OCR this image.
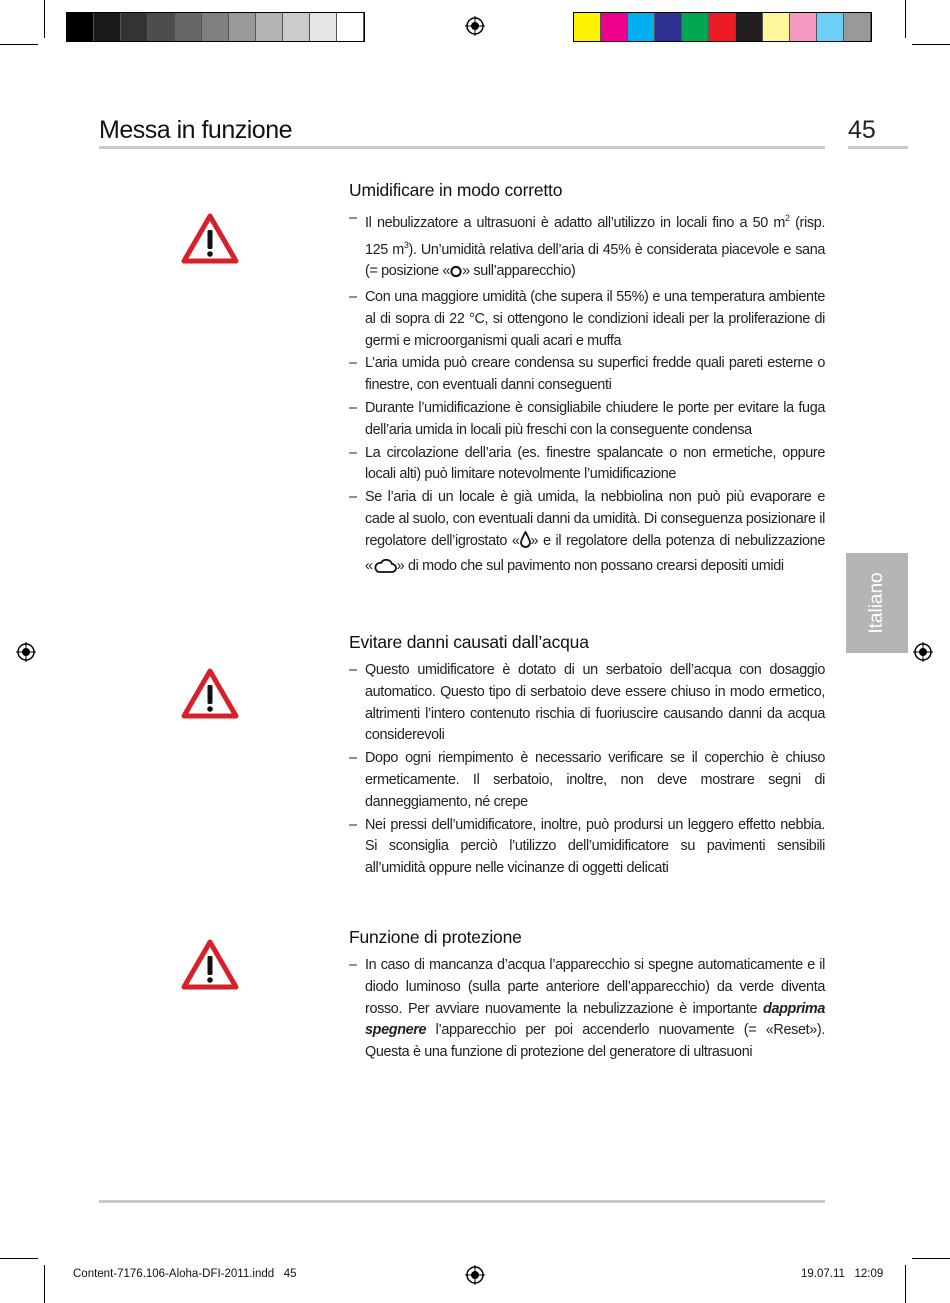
Messa in funzione	45
Italiano
Umidificare in modo corretto
– Il nebulizzatore a ultrasuoni è adatto all’utilizzo in locali fino a 50 $m^2$ (risp. 125 $m^3$). Un’umidità relativa dell’aria di 45% è considerata piacevole e sana (= posizione « » sull’apparecchio)
– Con una maggiore umidità (che supera il 55%) e una temperatura ambiente al di sopra di 22 °C, si ottengono le condizioni ideali per la proliferazione di germi e microorganismi quali acari e muffa
– L’aria umida può creare condensa su superfici fredde quali pareti esterne o finestre, con eventuali danni conseguenti
– Durante l’umidificazione è consigliabile chiudere le porte per evitare la fuga dell’aria umida in locali più freschi con la conseguente condensa
– La circolazione dell’aria (es. finestre spalancate o non ermetiche, oppure locali alti) può limitare notevolmente l’umidificazione
– Se l’aria di un locale è già umida, la nebbiolina non può più evaporare e cade al suolo, con eventuali danni da umidità. Di conseguenza posizionare il regolatore dell’igrostato « » e il regolatore della potenza di nebulizzazione « » di modo che sul pavimento non possano crearsi depositi umidi
Evitare danni causati dall’acqua
– Questo umidificatore è dotato di un serbatoio dell’acqua con dosaggio automatico. Questo tipo di serbatoio deve essere chiuso in modo ermetico, altrimenti l’intero contenuto rischia di fuoriuscire causando danni da acqua considerevoli
– Dopo ogni riempimento è necessario verificare se il coperchio è chiuso ermeticamente. Il serbatoio, inoltre, non deve mostrare segni di danneggiamento, né crepe
– Nei pressi dell’umidificatore, inoltre, può prodursi un leggero effetto nebbia. Si sconsiglia perciò l’utilizzo dell’umidificatore su pavimenti sensibili all’umidità oppure nelle vicinanze di oggetti delicati
Funzione di protezione
– In caso di mancanza d’acqua l’apparecchio si spegne automaticamente e il diodo luminoso (sulla parte anteriore dell’apparecchio) da verde diventa rosso. Per avviare nuovamente la nebulizzazione è importante dapprima spegnere l’apparecchio per poi accenderlo nuovamente (= «Reset»). Questa è una funzione di protezione del generatore di ultrasuoni
Content-7176.106-Aloha-DFI-2011.indd   45	19.07.11   12:09
